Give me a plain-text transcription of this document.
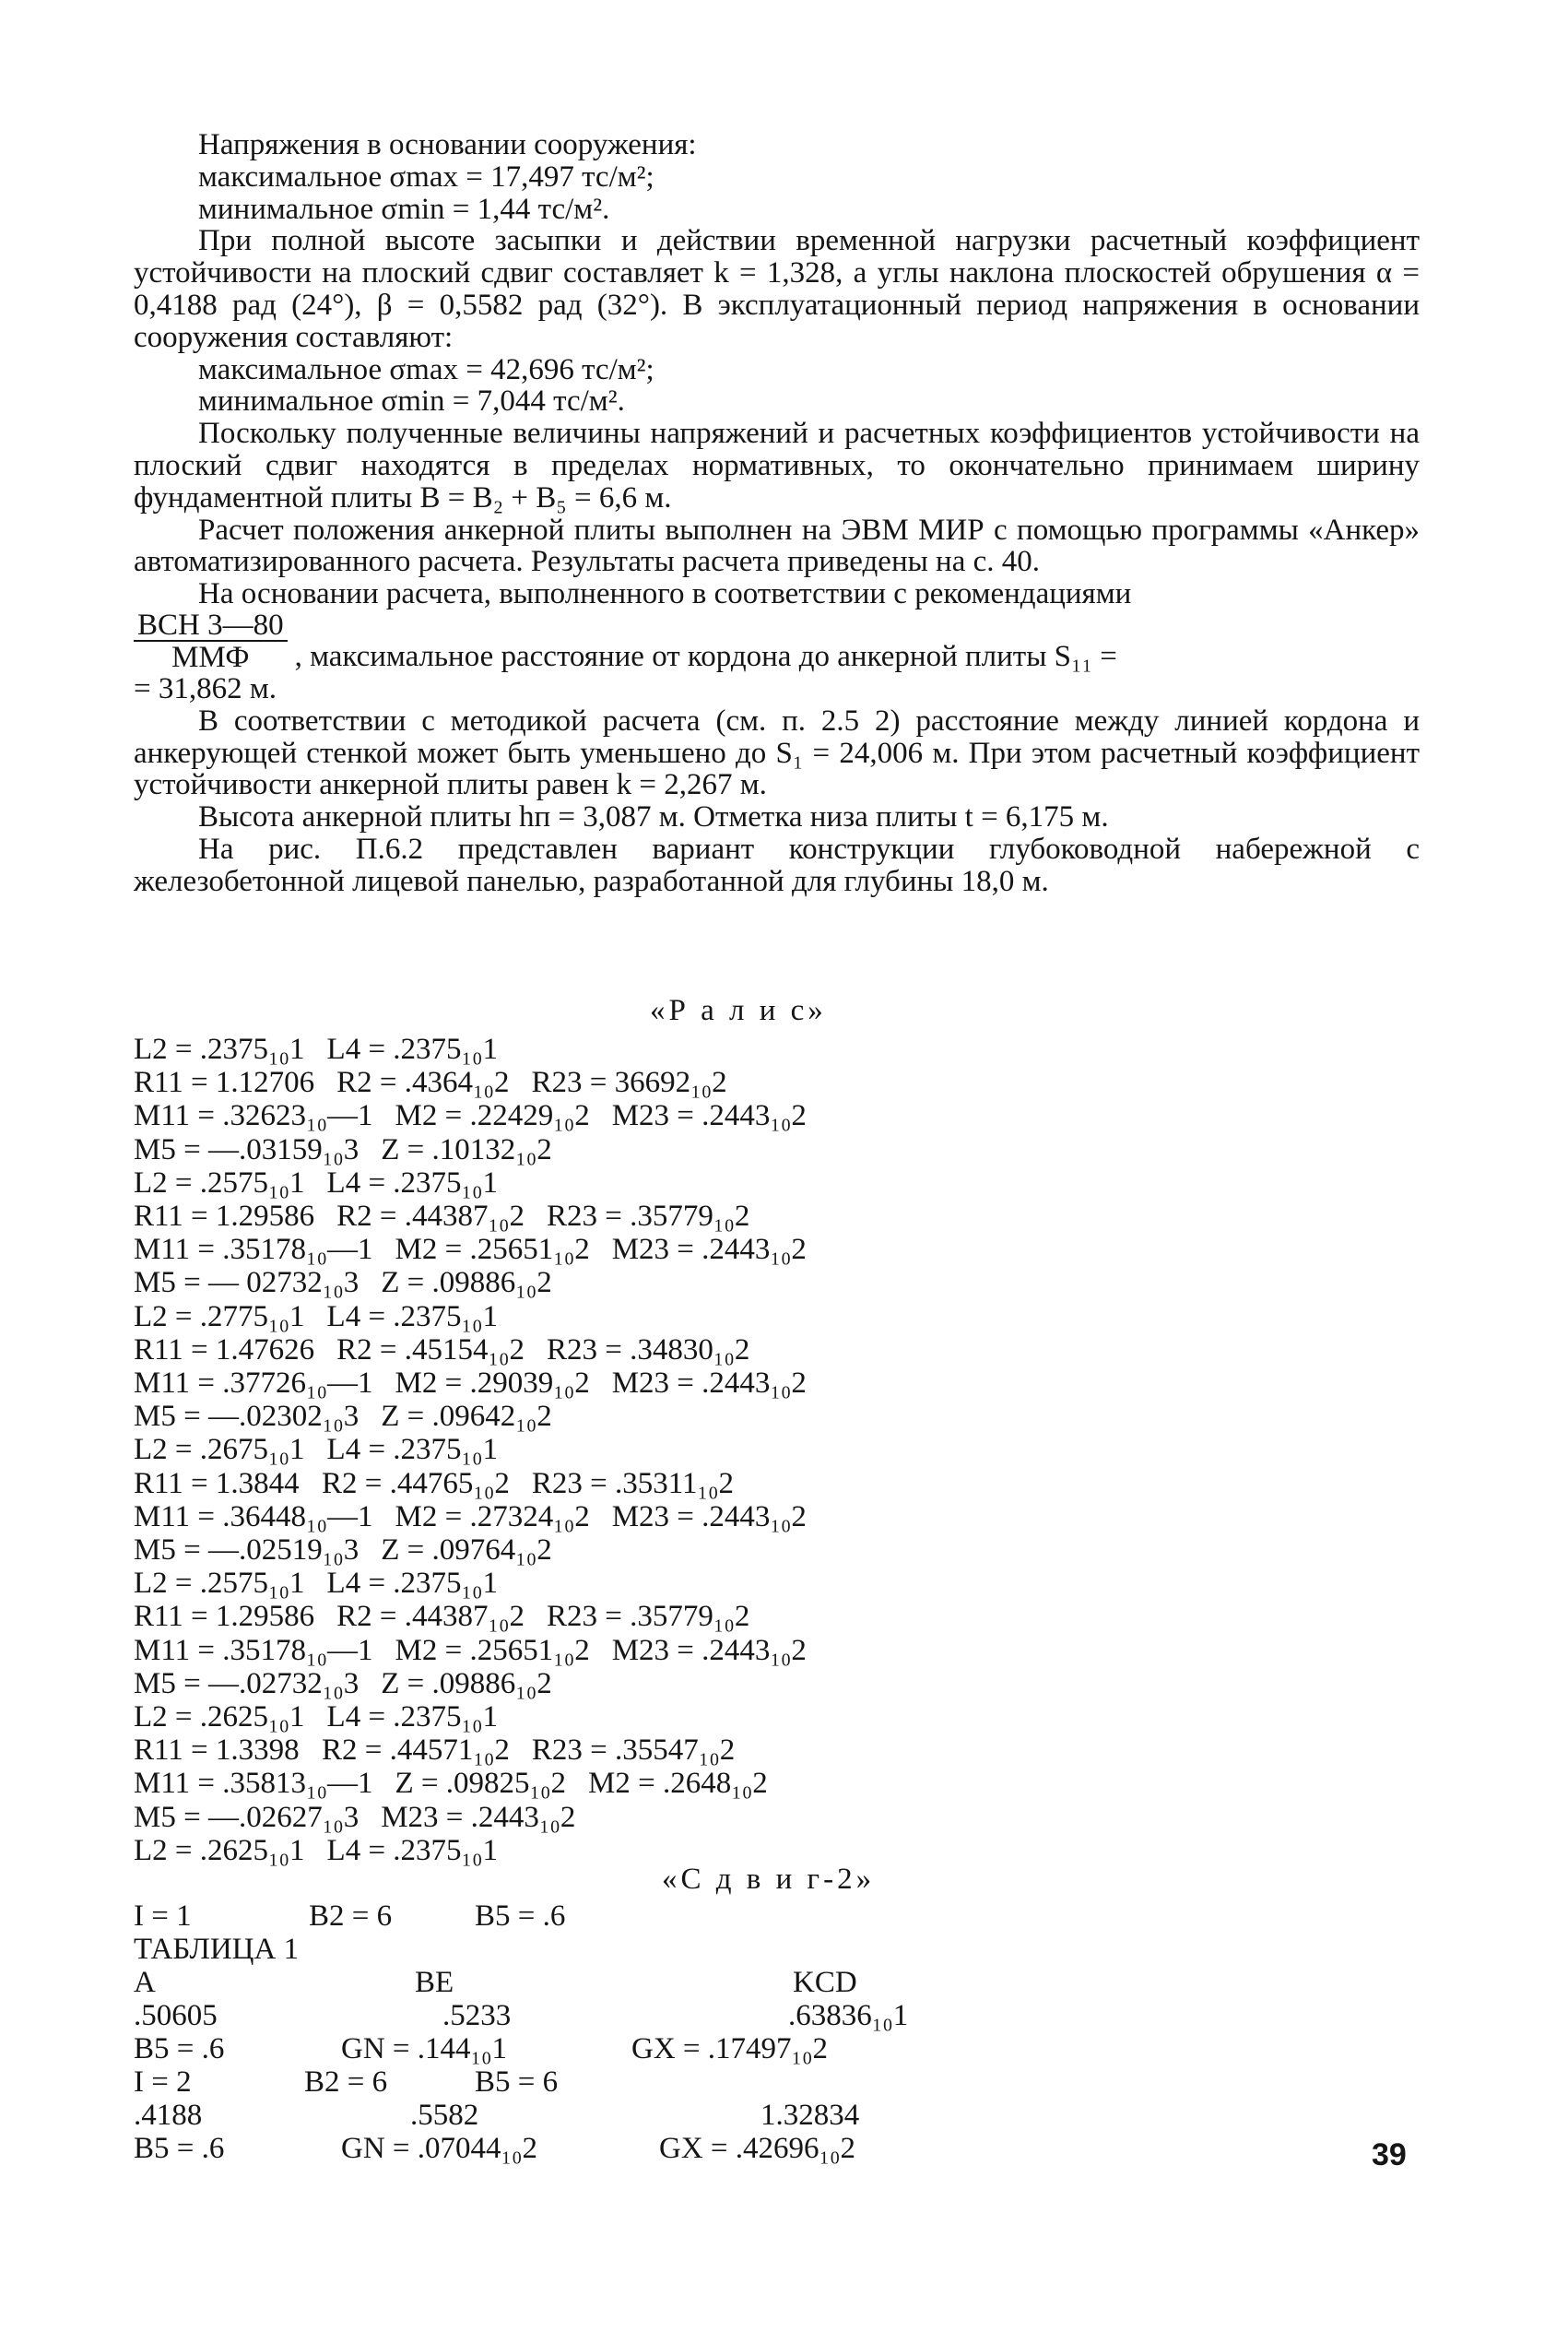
Напряжения в основании сооружения:

максимальное σmax = 17,497 тс/м²;

минимальное σmin = 1,44 тс/м².

При полной высоте засыпки и действии временной нагрузки расчетный коэффициент устойчивости на плоский сдвиг составляет k = 1,328, а углы наклона плоскостей обрушения α = 0,4188 рад (24°), β = 0,5582 рад (32°). В эксплуатационный период напряжения в основании сооружения составляют:

максимальное σmax = 42,696 тс/м²;

минимальное σmin = 7,044 тс/м².

Поскольку полученные величины напряжений и расчетных коэффициентов устойчивости на плоский сдвиг находятся в пределах нормативных, то окончательно принимаем ширину фундаментной плиты B = B₂ + B₅ = 6,6 м.

Расчет положения анкерной плиты выполнен на ЭВМ МИР с помощью программы «Анкер» автоматизированного расчета. Результаты расчета приведены на с. 40.

На основании расчета, выполненного в соответствии с рекомендациями

$\frac{\text{ВСН 3—80}}{\text{ММФ}}$ , максимальное расстояние от кордона до анкерной плиты S₁₁ =

= 31,862 м.

В соответствии с методикой расчета (см. п. 2.5 2) расстояние между линией кордона и анкерующей стенкой может быть уменьшено до S₁ = 24,006 м. При этом расчетный коэффициент устойчивости анкерной плиты равен k = 2,267 м.

Высота анкерной плиты hп = 3,087 м. Отметка низа плиты t = 6,175 м.

На рис. П.6.2 представлен вариант конструкции глубоководной набережной с железобетонной лицевой панелью, разработанной для глубины 18,0 м.

«Р а л и с»
L2 = .2375₁₀1 L4 = .2375₁₀1
R11 = 1.12706 R2 = .4364₁₀2 R23 = 36692₁₀2
M11 = .32623₁₀—1 M2 = .22429₁₀2 M23 = .2443₁₀2
M5 = —.03159₁₀3 Z = .10132₁₀2
L2 = .2575₁₀1 L4 = .2375₁₀1
R11 = 1.29586 R2 = .44387₁₀2 R23 = .35779₁₀2
M11 = .35178₁₀—1 M2 = .25651₁₀2 M23 = .2443₁₀2
M5 = — 02732₁₀3 Z = .09886₁₀2
L2 = .2775₁₀1 L4 = .2375₁₀1
R11 = 1.47626 R2 = .45154₁₀2 R23 = .34830₁₀2
M11 = .37726₁₀—1 M2 = .29039₁₀2 M23 = .2443₁₀2
M5 = —.02302₁₀3 Z = .09642₁₀2
L2 = .2675₁₀1 L4 = .2375₁₀1
R11 = 1.3844 R2 = .44765₁₀2 R23 = .35311₁₀2
M11 = .36448₁₀—1 M2 = .27324₁₀2 M23 = .2443₁₀2
M5 = —.02519₁₀3 Z = .09764₁₀2
L2 = .2575₁₀1 L4 = .2375₁₀1
R11 = 1.29586 R2 = .44387₁₀2 R23 = .35779₁₀2
M11 = .35178₁₀—1 M2 = .25651₁₀2 M23 = .2443₁₀2
M5 = —.02732₁₀3 Z = .09886₁₀2
L2 = .2625₁₀1 L4 = .2375₁₀1
R11 = 1.3398 R2 = .44571₁₀2 R23 = .35547₁₀2
M11 = .35813₁₀—1 Z = .09825₁₀2 M2 = .2648₁₀2
M5 = —.02627₁₀3 M23 = .2443₁₀2
L2 = .2625₁₀1 L4 = .2375₁₀1
«С д в и г-2»
I = 1	B2 = 6	B5 = .6
ТАБЛИЦА 1
A	BE	KCD
.50605	.5233	.63836₁₀1
B5 = .6	GN = .144₁₀1	GX = .17497₁₀2
I = 2	B2 = 6	B5 = 6
.4188	.5582	1.32834
B5 = .6	GN = .07044₁₀2	GX = .42696₁₀2	39
